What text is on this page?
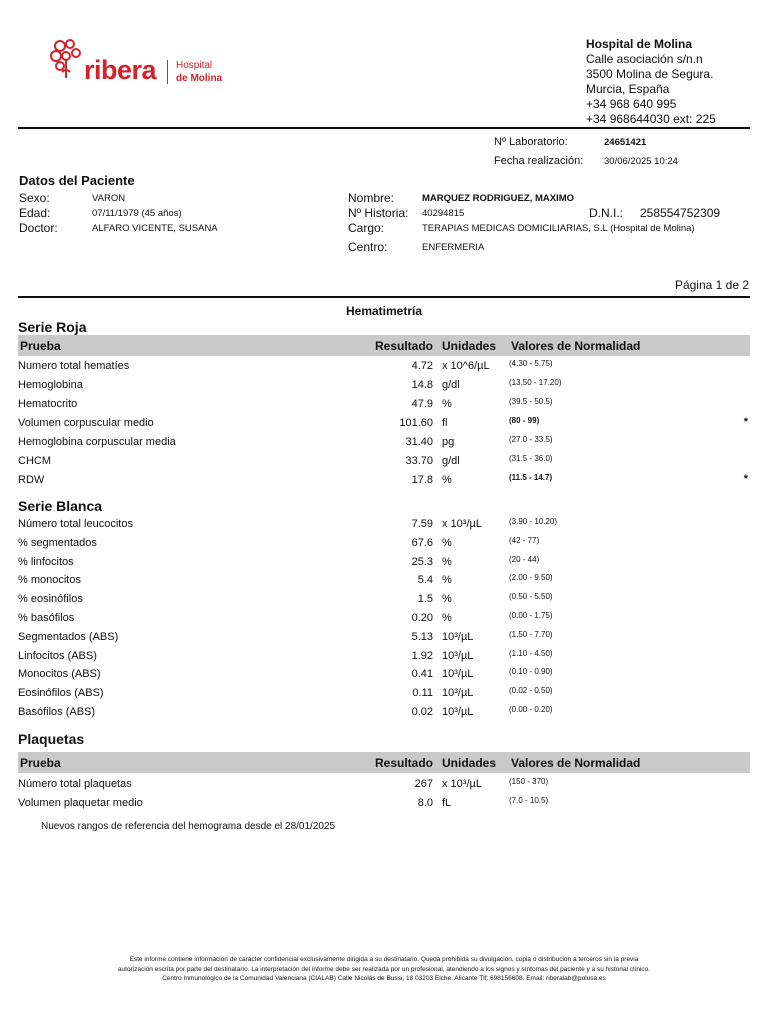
ribera Hospital
de Molina
Hospital de Molina
Calle asociación s/n.n
3500 Molina de Segura.
Murcia, España
+34 968 640 995
+34 968644030 ext: 225
Nº Laboratorio:	24651421
Fecha realización: 30/06/2025 10:24
Datos del Paciente
Sexo:	VARON
Edad:	07/11/1979 (45 años)
Doctor:	ALFARO VICENTE, SUSANA
Nombre:	MARQUEZ RODRIGUEZ, MAXIMO
Nº Historia: 40294815	D.N.I.: 258554752309
Cargo:	TERAPIAS MEDICAS DOMICILIARIAS, S.L (Hospital de Molina)
Centro:	ENFERMERIA
Página 1 de 2
Hematimetría
Serie Roja
Prueba	Resultado Unidades Valores de Normalidad
Numero total hematíes	4.72 x 10^6/µL (4.30 - 5.75)
Hemoglobina	14.8 g/dl	(13.50 - 17.20)
Hematocrito	47.9 %	(39.5 - 50.5)
Volumen corpuscular medio	101.60 fl	(80 - 99)	*
Hemoglobina corpuscular media	31.40 pg	(27.0 - 33.5)
CHCM	33.70 g/dl	(31.5 - 36.0)
RDW	17.8 %	(11.5 - 14.7)	*
Serie Blanca
Número total leucocitos	7.59 x 10³/µL	(3.90 - 10.20)
% segmentados	67.6 %	(42 - 77)
% linfocitos	25.3 %	(20 - 44)
% monocitos	5.4 %	(2.00 - 9.50)
% eosinófilos	1.5 %	(0.50 - 5.50)
% basófilos	0.20 %	(0.00 - 1.75)
Segmentados (ABS)	5.13 10³/µL	(1.50 - 7.70)
Linfocitos (ABS)	1.92 10³/µL	(1.10 - 4.50)
Monocitos (ABS)	0.41 10³/µL	(0.10 - 0.90)
Eosinófilos (ABS)	0.11 10³/µL	(0.02 - 0.50)
Basófilos (ABS)	0.02 10³/µL	(0.00 - 0.20)
Plaquetas
Prueba	Resultado Unidades Valores de Normalidad
Número total plaquetas	267 x 10³/µL	(150 - 370)
Volumen plaquetar medio	8.0 fL	(7.0 - 10.5)
Nuevos rangos de referencia del hemograma desde el 28/01/2025
Este informe contiene información de carácter confidencial exclusivamente dirigida a su destinatario. Queda prohibida su divulgación, copia o distribución a terceros sin la previa
autorización escrita por parte del destinatario. La interpretación del informe debe ser realizada por un profesional, atendiendo a los signos y síntomas del paciente y a su historial clínico.
Centro Inmunológico de la Comunidad Valenciana (CIALAB) Calle Nicolás de Bussi, 18 03203 Elche, Alicante Tlf: 698156608. Email: riberalab@polusa.es
